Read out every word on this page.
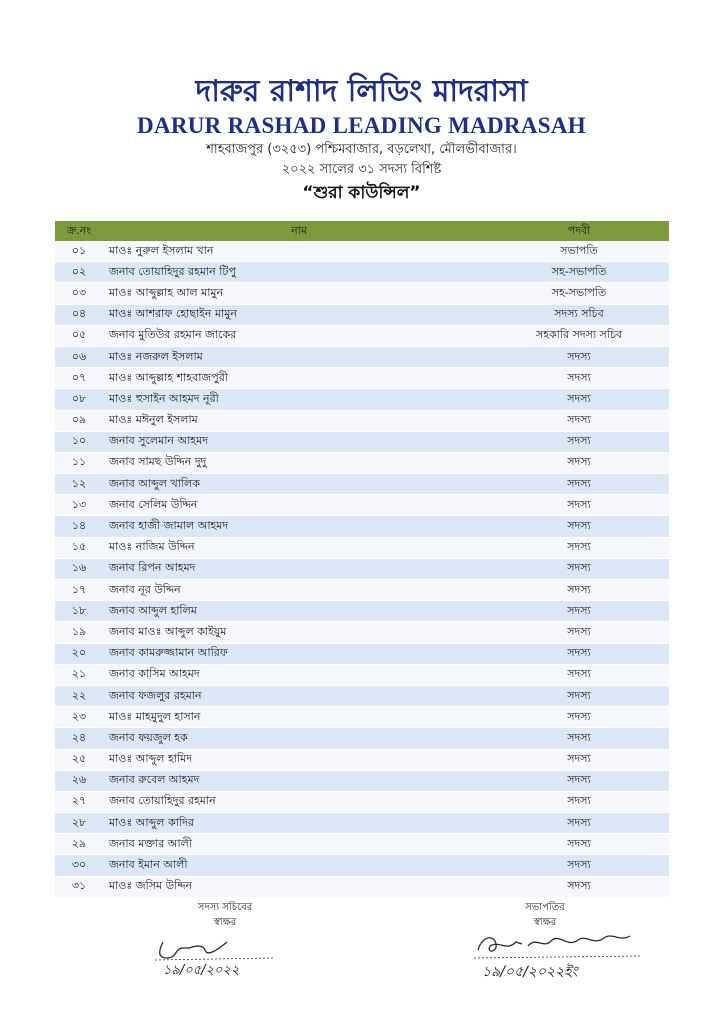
দারুর রাশাদ লিডিং মাদরাসা
DARUR RASHAD LEADING MADRASAH
শাহবাজপুর (৩২৫৩) পশ্চিমবাজার, বড়লেখা, মৌলভীবাজার।
২০২২ সালের ৩১ সদস্য বিশিষ্ট
“শুরা কাউন্সিল”
ক্র.নং	নাম	পদবী
০১	মাওঃ নুরুল ইসলাম খান	সভাপতি
০২	জনাব তোয়াহিদুর রহমান টিপু	সহ-সভাপতি
০৩	মাওঃ আব্দুল্লাহ আল মামুন	সহ-সভাপতি
০৪	মাওঃ আশরাফ হোছাইন মামুন	সদস্য সচিব
০৫	জনাব মুতিউর রহমান জাকের	সহকারি সদস্য সচিব
০৬	মাওঃ নজরুল ইসলাম	সদস্য
০৭	মাওঃ আব্দুল্লাহ শাহবাজপুরী	সদস্য
০৮	মাওঃ হুসাইন আহমদ নূরী	সদস্য
০৯	মাওঃ মঈনুল ইসলাম	সদস্য
১০	জনাব সুলেমান আহমদ	সদস্য
১১	জনাব সামছ উদ্দিন দুদু	সদস্য
১২	জনাব আব্দুল খালিক	সদস্য
১৩	জনাব সেলিম উদ্দিন	সদস্য
১৪	জনাব হাজী জামাল আহমদ	সদস্য
১৫	মাওঃ নাজিম উদ্দিন	সদস্য
১৬	জনাব রিপন আহমদ	সদস্য
১৭	জনাব নূর উদ্দিন	সদস্য
১৮	জনাব আব্দুল হালিম	সদস্য
১৯	জনাব মাওঃ আব্দুল কাইয়ুম	সদস্য
২০	জনাব কামরুজ্জামান আরিফ	সদস্য
২১	জনাব কাসিম আহমদ	সদস্য
২২	জনাব ফজলুর রহমান	সদস্য
২৩	মাওঃ মাহমুদুল হাসান	সদস্য
২৪	জনাব ফয়জুল হক	সদস্য
২৫	মাওঃ আব্দুল হামিদ	সদস্য
২৬	জনাব রুবেল আহমদ	সদস্য
২৭	জনাব তোয়াহিদুর রহমান	সদস্য
২৮	মাওঃ আব্দুল কাদির	সদস্য
২৯	জনাব মক্তার আলী	সদস্য
৩০	জনাব ইমান আলী	সদস্য
৩১	মাওঃ জসিম উদ্দিন	সদস্য
সদস্য সচিবের
স্বাক্ষর
১৯/০৫/২০২২
সভাপতির
স্বাক্ষর
১৯/০৫/২০২২ইং
